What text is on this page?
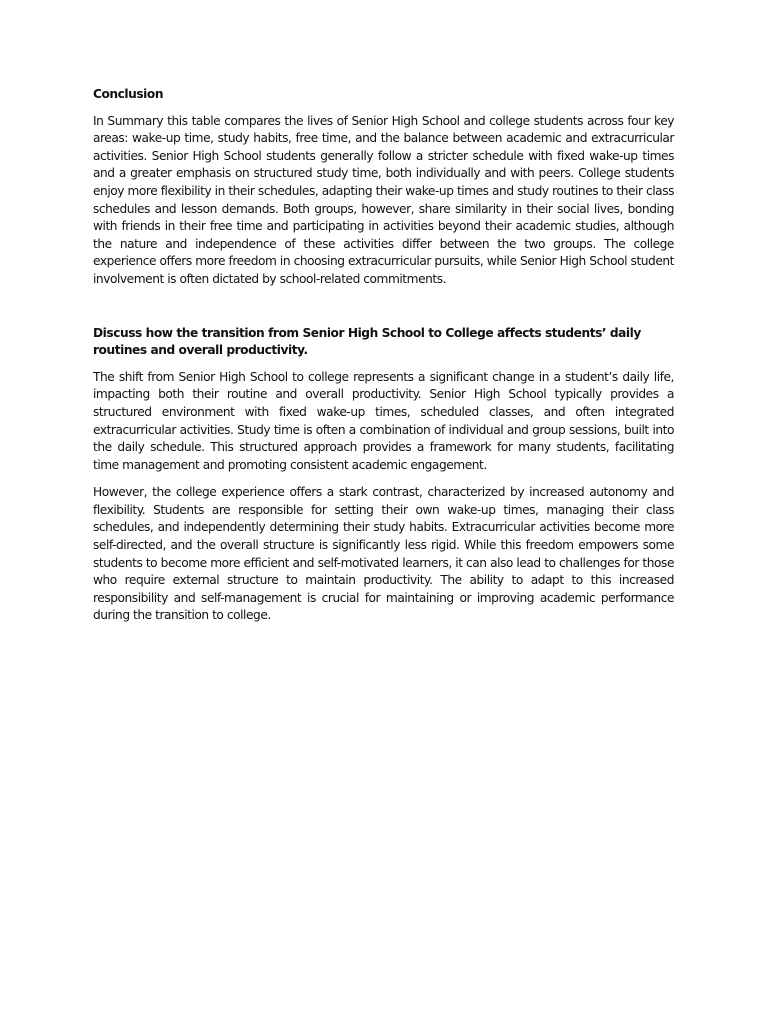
Conclusion

In Summary this table compares the lives of Senior High School and college students across four key areas: wake-up time, study habits, free time, and the balance between academic and extracurricular activities. Senior High School students generally follow a stricter schedule with fixed wake-up times and a greater emphasis on structured study time, both individually and with peers. College students enjoy more flexibility in their schedules, adapting their wake-up times and study routines to their class schedules and lesson demands. Both groups, however, share similarity in their social lives, bonding with friends in their free time and participating in activities beyond their academic studies, although the nature and independence of these activities differ between the two groups. The college experience offers more freedom in choosing extracurricular pursuits, while Senior High School student involvement is often dictated by school-related commitments.

Discuss how the transition from Senior High School to College affects students’ daily routines and overall productivity.

The shift from Senior High School to college represents a significant change in a student’s daily life, impacting both their routine and overall productivity. Senior High School typically provides a structured environment with fixed wake-up times, scheduled classes, and often integrated extracurricular activities. Study time is often a combination of individual and group sessions, built into the daily schedule. This structured approach provides a framework for many students, facilitating time management and promoting consistent academic engagement.

However, the college experience offers a stark contrast, characterized by increased autonomy and flexibility. Students are responsible for setting their own wake-up times, managing their class schedules, and independently determining their study habits. Extracurricular activities become more self-directed, and the overall structure is significantly less rigid. While this freedom empowers some students to become more efficient and self-motivated learners, it can also lead to challenges for those who require external structure to maintain productivity. The ability to adapt to this increased responsibility and self-management is crucial for maintaining or improving academic performance during the transition to college.
